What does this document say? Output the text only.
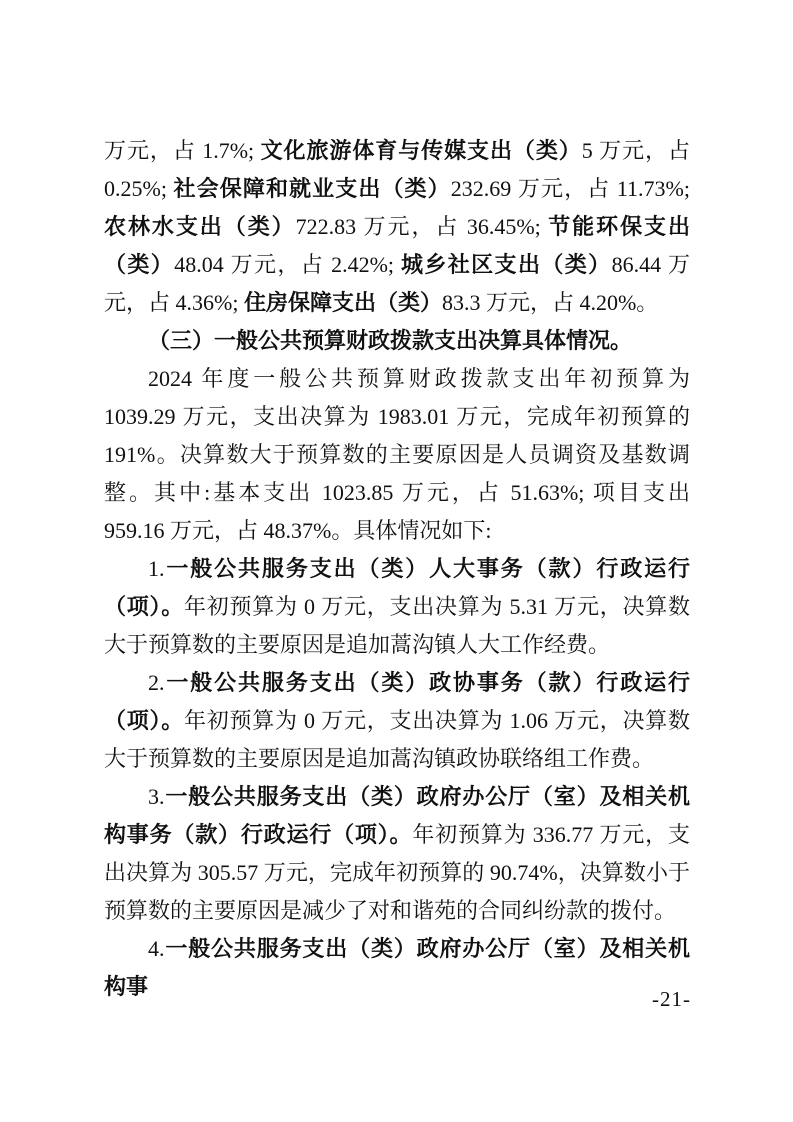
万元，占 1.7%; 文化旅游体育与传媒支出（类）5 万元，占 0.25%; 社会保障和就业支出（类）232.69 万元，占 11.73%; 农林水支出（类）722.83 万元，占 36.45%; 节能环保支出（类）48.04 万元，占 2.42%; 城乡社区支出（类）86.44 万元，占 4.36%; 住房保障支出（类）83.3 万元，占 4.20%。

（三）一般公共预算财政拨款支出决算具体情况。

2024 年度一般公共预算财政拨款支出年初预算为 1039.29 万元，支出决算为 1983.01 万元，完成年初预算的 191%。决算数大于预算数的主要原因是人员调资及基数调整。其中:基本支出 1023.85 万元，占 51.63%; 项目支出 959.16 万元，占 48.37%。具体情况如下:

1.一般公共服务支出（类）人大事务（款）行政运行（项）。年初预算为 0 万元，支出决算为 5.31 万元，决算数大于预算数的主要原因是追加蒿沟镇人大工作经费。

2.一般公共服务支出（类）政协事务（款）行政运行（项）。年初预算为 0 万元，支出决算为 1.06 万元，决算数大于预算数的主要原因是追加蒿沟镇政协联络组工作费。

3.一般公共服务支出（类）政府办公厅（室）及相关机构事务（款）行政运行（项）。年初预算为 336.77 万元，支出决算为 305.57 万元，完成年初预算的 90.74%，决算数小于预算数的主要原因是减少了对和谐苑的合同纠纷款的拨付。

4.一般公共服务支出（类）政府办公厅（室）及相关机构事	-21-
